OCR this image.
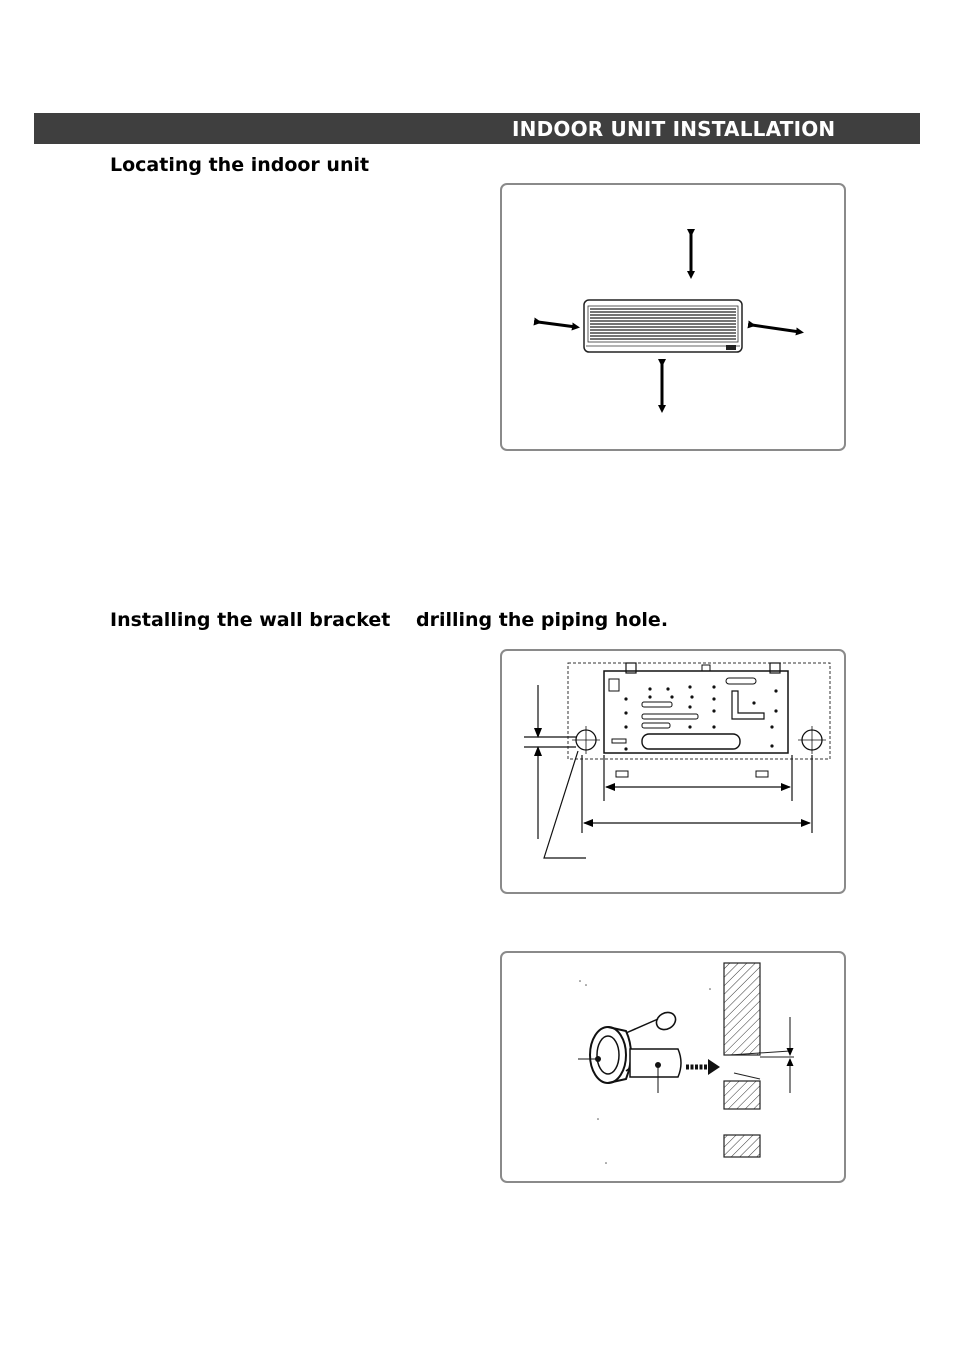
INDOOR UNIT INSTALLATION
Locating the indoor unit
Installing the wall bracket drilling the piping hole.
